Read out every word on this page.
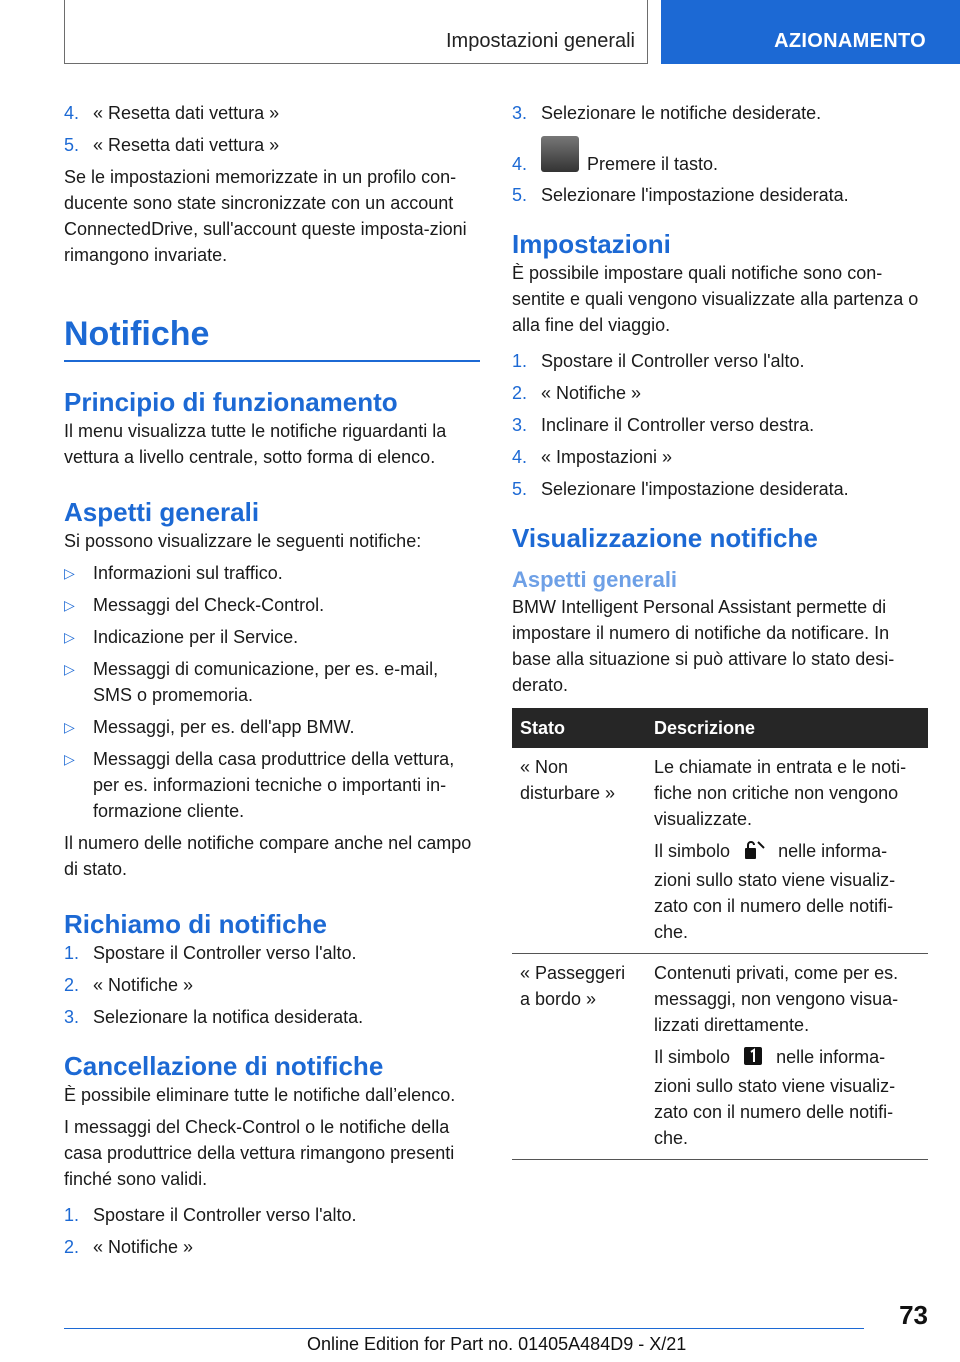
Impostazioni generali	AZIONAMENTO
4. « Resetta dati vettura »
5. « Resetta dati vettura »

Se le impostazioni memorizzate in un profilo con-ducente sono state sincronizzate con un account ConnectedDrive, sull'account queste imposta-zioni rimangono invariate.

Notifiche
Principio di funzionamento

Il menu visualizza tutte le notifiche riguardanti la vettura a livello centrale, sotto forma di elenco.

Aspetti generali

Si possono visualizzare le seguenti notifiche:

▷ Informazioni sul traffico.
▷ Messaggi del Check-Control.
▷ Indicazione per il Service.
▷ Messaggi di comunicazione, per es. e-mail, SMS o promemoria.
▷ Messaggi, per es. dell'app BMW.
▷ Messaggi della casa produttrice della vettura, per es. informazioni tecniche o importanti in-formazione cliente.

Il numero delle notifiche compare anche nel campo di stato.

Richiamo di notifiche
1. Spostare il Controller verso l'alto.
2. « Notifiche »
3. Selezionare la notifica desiderata.
Cancellazione di notifiche

È possibile eliminare tutte le notifiche dall’elenco.

I messaggi del Check-Control o le notifiche della casa produttrice della vettura rimangono presenti finché sono validi.

1. Spostare il Controller verso l'alto.
2. « Notifiche »
3. Selezionare le notifiche desiderate.
4.
OPTION
Premere il tasto.
5. Selezionare l'impostazione desiderata.
Impostazioni

È possibile impostare quali notifiche sono con-sentite e quali vengono visualizzate alla partenza o alla fine del viaggio.

1. Spostare il Controller verso l'alto.
2. « Notifiche »
3. Inclinare il Controller verso destra.
4. « Impostazioni »
5. Selezionare l'impostazione desiderata.
Visualizzazione notifiche
Aspetti generali

BMW Intelligent Personal Assistant permette di impostare il numero di notifiche da notificare. In base alla situazione si può attivare lo stato desi-derato.

Stato	Descrizione
« Non disturbare »	Le chiamate in entrata e le noti-fiche non critiche non vengono visualizzate.
Il simbolo nelle informa-zioni sullo stato viene visualiz-zato con il numero delle notifi-che.

« Passeggeri a bordo »	Contenuti privati, come per es. messaggi, non vengono visua-lizzati direttamente.
Il simbolo nelle informa-zioni sullo stato viene visualiz-zato con il numero delle notifi-che.
73
Online Edition for Part no. 01405A484D9 - X/21
